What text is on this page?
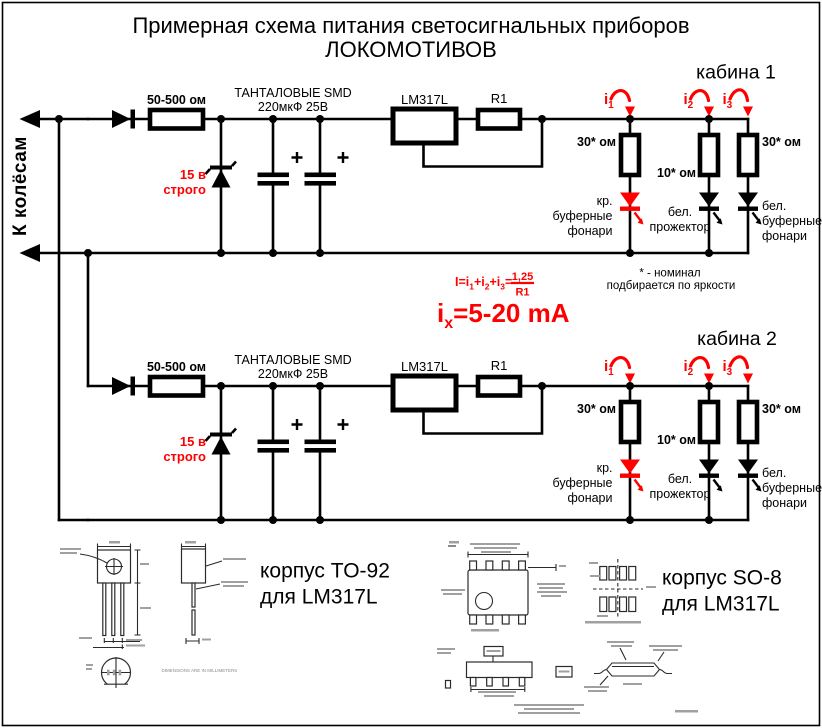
Примерная схема питания светосигнальных приборов
ЛОКОМОТИВОВ
50-500 ом
15 в
строго
ТАНТАЛОВЫЕ SMD
220мкФ 25В	LM317L	R1
30* ом
10* ом
30* ом
кр.
буферные
фонари
бел.
прожектор
бел.
буферные
фонари
$i_1$	$i_2$ $i_3$
К колёсам
кабина 1
кабина 2
$I=i_1+i_2+i_3= 1,25$
R1
$i_x=5-20$ mA
* - номинал
подбирается по яркости
DIMENSIONS ARE IN MILLIMETERS
корпус TO-92
для LM317L
корпус SO-8
для LM317L
